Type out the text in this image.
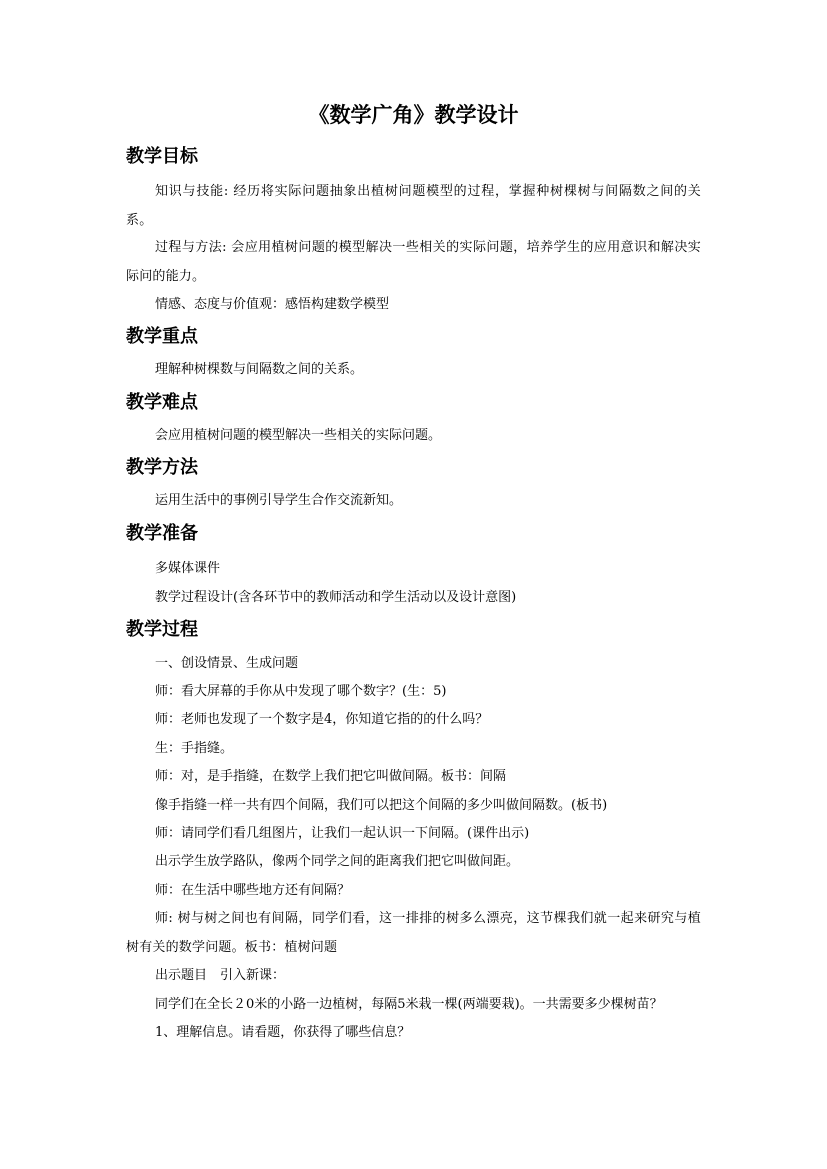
《数学广角》教学设计
教学目标
知识与技能: 经历将实际问题抽象出植树问题模型的过程，掌握种树棵树与间隔数之间的关系。
过程与方法: 会应用植树问题的模型解决一些相关的实际问题，培养学生的应用意识和解决实际问的能力。
情感、态度与价值观：感悟构建数学模型
教学重点
理解种树棵数与间隔数之间的关系。
教学难点
会应用植树问题的模型解决一些相关的实际问题。
教学方法
运用生活中的事例引导学生合作交流新知。
教学准备
多媒体课件
教学过程设计(含各环节中的教师活动和学生活动以及设计意图)
教学过程
一、创设情景、生成问题
师：看大屏幕的手你从中发现了哪个数字？(生：5)
师：老师也发现了一个数字是4，你知道它指的的什么吗？
生：手指缝。
师：对，是手指缝，在数学上我们把它叫做间隔。板书：间隔
像手指缝一样一共有四个间隔，我们可以把这个间隔的多少叫做间隔数。(板书)
师：请同学们看几组图片，让我们一起认识一下间隔。(课件出示)
出示学生放学路队，像两个同学之间的距离我们把它叫做间距。
师：在生活中哪些地方还有间隔？
师: 树与树之间也有间隔，同学们看，这一排排的树多么漂亮，这节棵我们就一起来研究与植树有关的数学问题。板书：植树问题
出示题目　引入新课：
同学们在全长２0米的小路一边植树，每隔5米栽一棵(两端要栽)。一共需要多少棵树苗？
1、理解信息。请看题，你获得了哪些信息？
